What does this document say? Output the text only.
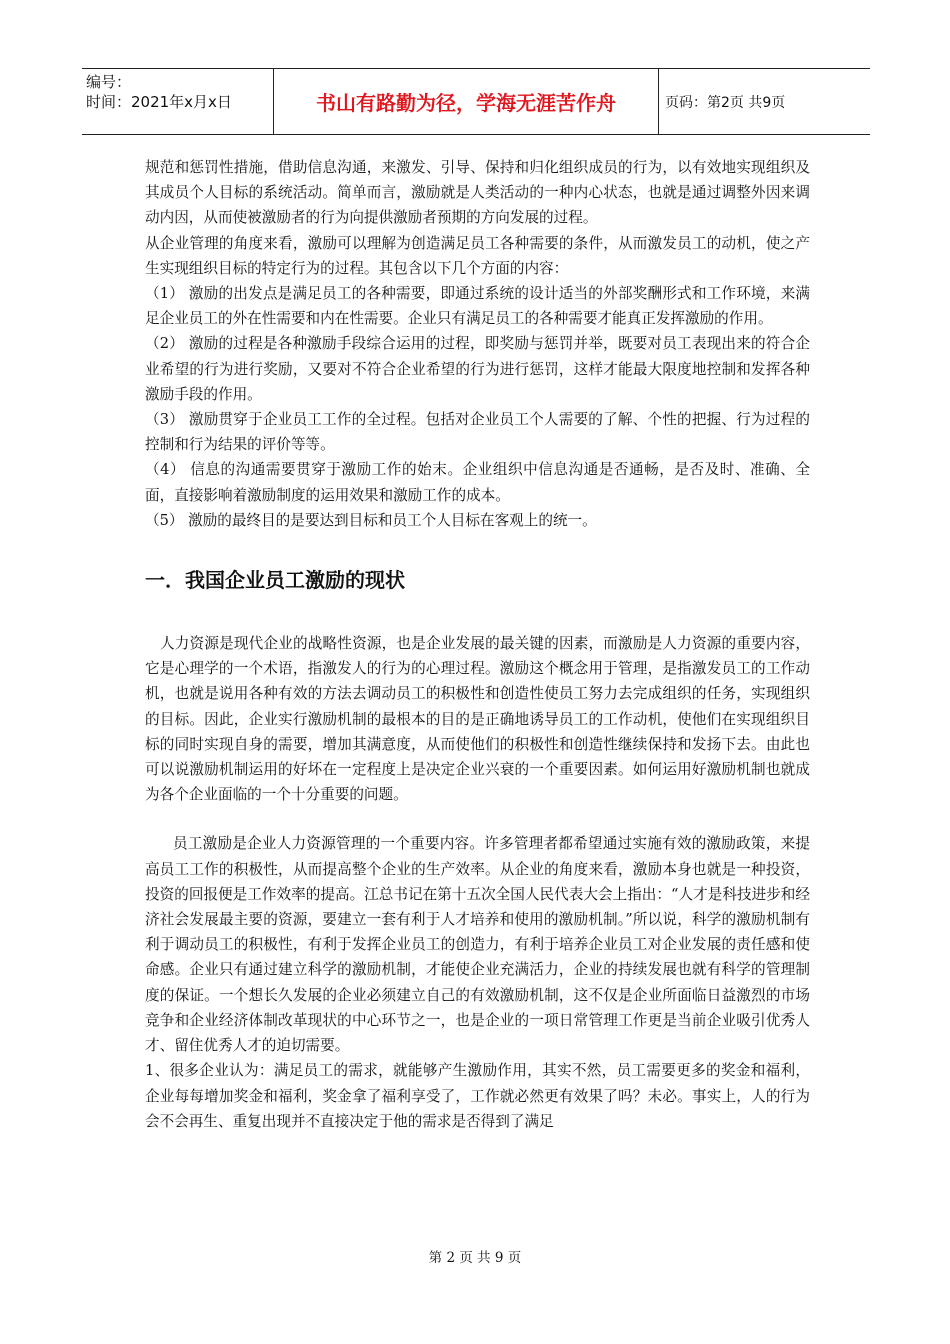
编号：
时间：2021年x月x日	书山有路勤为径，学海无涯苦作舟	页码：第2页 共9页

规范和惩罚性措施，借助信息沟通，来激发、引导、保持和归化组织成员的行为，以有效地实现组织及其成员个人目标的系统活动。简单而言，激励就是人类活动的一种内心状态，也就是通过调整外因来调动内因，从而使被激励者的行为向提供激励者预期的方向发展的过程。

从企业管理的角度来看，激励可以理解为创造满足员工各种需要的条件，从而激发员工的动机，使之产生实现组织目标的特定行为的过程。其包含以下几个方面的内容：

（1） 激励的出发点是满足员工的各种需要，即通过系统的设计适当的外部奖酬形式和工作环境，来满足企业员工的外在性需要和内在性需要。企业只有满足员工的各种需要才能真正发挥激励的作用。

（2） 激励的过程是各种激励手段综合运用的过程，即奖励与惩罚并举，既要对员工表现出来的符合企业希望的行为进行奖励，又要对不符合企业希望的行为进行惩罚，这样才能最大限度地控制和发挥各种激励手段的作用。

（3） 激励贯穿于企业员工工作的全过程。包括对企业员工个人需要的了解、个性的把握、行为过程的控制和行为结果的评价等等。

（4） 信息的沟通需要贯穿于激励工作的始末。企业组织中信息沟通是否通畅，是否及时、准确、全面，直接影响着激励制度的运用效果和激励工作的成本。

（5） 激励的最终目的是要达到目标和员工个人目标在客观上的统一。

一．我国企业员工激励的现状

人力资源是现代企业的战略性资源，也是企业发展的最关键的因素，而激励是人力资源的重要内容，它是心理学的一个术语，指激发人的行为的心理过程。激励这个概念用于管理，是指激发员工的工作动机，也就是说用各种有效的方法去调动员工的积极性和创造性使员工努力去完成组织的任务，实现组织的目标。因此，企业实行激励机制的最根本的目的是正确地诱导员工的工作动机，使他们在实现组织目标的同时实现自身的需要，增加其满意度，从而使他们的积极性和创造性继续保持和发扬下去。由此也可以说激励机制运用的好坏在一定程度上是决定企业兴衰的一个重要因素。如何运用好激励机制也就成为各个企业面临的一个十分重要的问题。

员工激励是企业人力资源管理的一个重要内容。许多管理者都希望通过实施有效的激励政策，来提高员工工作的积极性，从而提高整个企业的生产效率。从企业的角度来看，激励本身也就是一种投资，投资的回报便是工作效率的提高。江总书记在第十五次全国人民代表大会上指出：“人才是科技进步和经济社会发展最主要的资源，要建立一套有利于人才培养和使用的激励机制。”所以说，科学的激励机制有利于调动员工的积极性，有利于发挥企业员工的创造力，有利于培养企业员工对企业发展的责任感和使命感。企业只有通过建立科学的激励机制，才能使企业充满活力，企业的持续发展也就有科学的管理制度的保证。一个想长久发展的企业必须建立自己的有效激励机制，这不仅是企业所面临日益激烈的市场竞争和企业经济体制改革现状的中心环节之一，也是企业的一项日常管理工作更是当前企业吸引优秀人才、留住优秀人才的迫切需要。

1、很多企业认为：满足员工的需求，就能够产生激励作用，其实不然，员工需要更多的奖金和福利，企业每每增加奖金和福利，奖金拿了福利享受了，工作就必然更有效果了吗？未必。事实上，人的行为会不会再生、重复出现并不直接决定于他的需求是否得到了满足

第 2 页 共 9 页
